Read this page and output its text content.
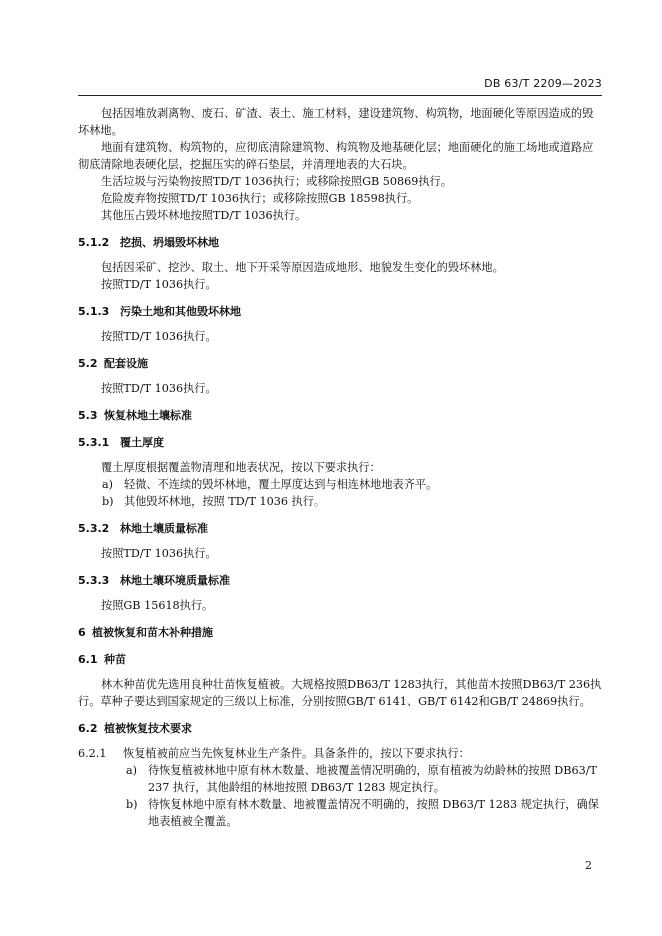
DB 63/T 2209—2023

包括因堆放剥离物、废石、矿渣、表土、施工材料，建设建筑物、构筑物，地面硬化等原因造成的毁坏林地。

地面有建筑物、构筑物的，应彻底清除建筑物、构筑物及地基硬化层；地面硬化的施工场地或道路应彻底清除地表硬化层，挖掘压实的碎石垫层，并清理地表的大石块。

生活垃圾与污染物按照TD/T 1036执行；或移除按照GB 50869执行。

危险废弃物按照TD/T 1036执行；或移除按照GB 18598执行。

其他压占毁坏林地按照TD/T 1036执行。

5.1.2 挖损、坍塌毁坏林地

包括因采矿、挖沙、取土、地下开采等原因造成地形、地貌发生变化的毁坏林地。

按照TD/T 1036执行。

5.1.3 污染土地和其他毁坏林地

按照TD/T 1036执行。

5.2 配套设施

按照TD/T 1036执行。

5.3 恢复林地土壤标准

5.3.1 覆土厚度

覆土厚度根据覆盖物清理和地表状况，按以下要求执行：

a) 轻微、不连续的毁坏林地，覆土厚度达到与相连林地地表齐平。

b) 其他毁坏林地，按照 TD/T 1036 执行。

5.3.2 林地土壤质量标准

按照TD/T 1036执行。

5.3.3 林地土壤环境质量标准

按照GB 15618执行。

6 植被恢复和苗木补种措施

6.1 种苗

林木种苗优先选用良种壮苗恢复植被。大规格按照DB63/T 1283执行，其他苗木按照DB63/T 236执行。草种子要达到国家规定的三级以上标准，分别按照GB/T 6141、GB/T 6142和GB/T 24869执行。

6.2 植被恢复技术要求

6.2.1 恢复植被前应当先恢复林业生产条件。具备条件的，按以下要求执行：

a) 待恢复植被林地中原有林木数量、地被覆盖情况明确的，原有植被为幼龄林的按照 DB63/T 237 执行，其他龄组的林地按照 DB63/T 1283 规定执行。

b) 待恢复林地中原有林木数量、地被覆盖情况不明确的，按照 DB63/T 1283 规定执行，确保地表植被全覆盖。

2
